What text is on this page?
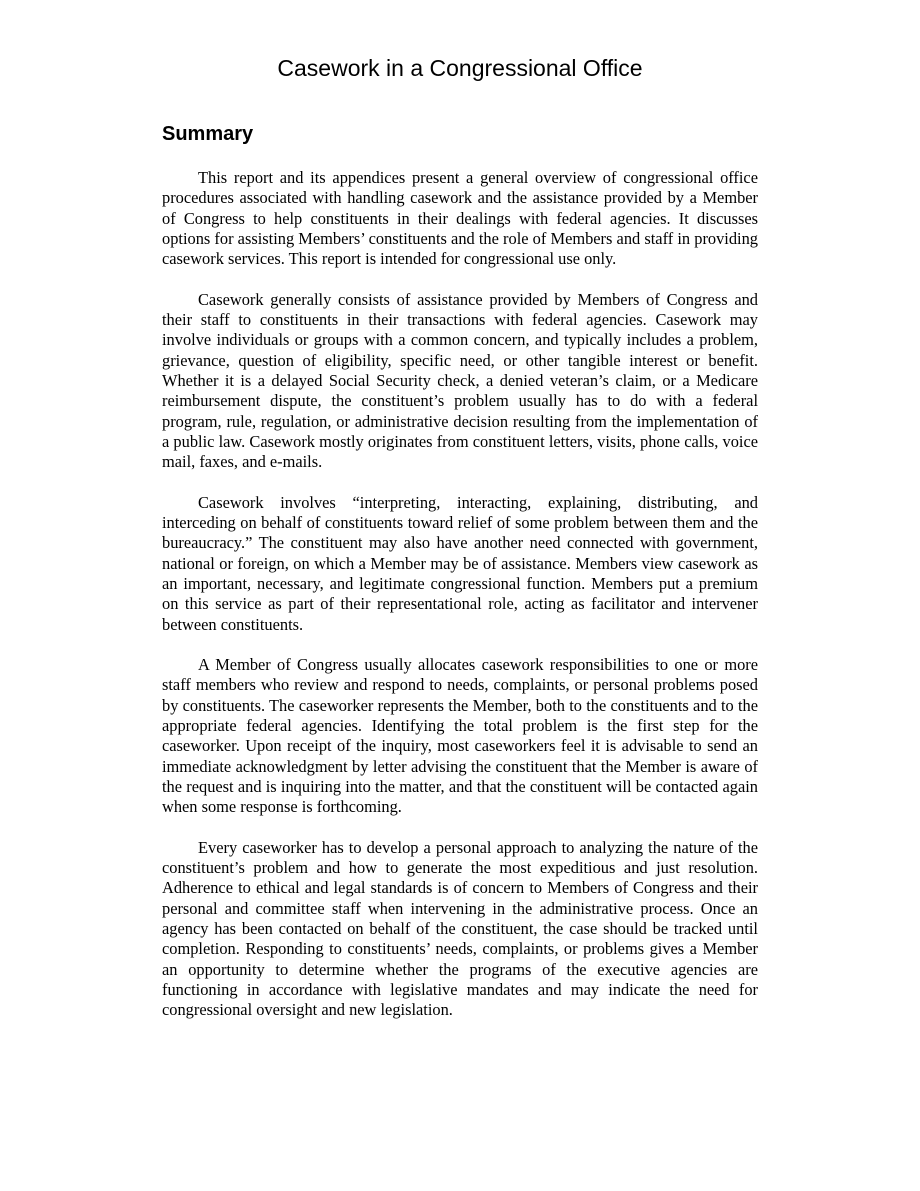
Casework in a Congressional Office
Summary

This report and its appendices present a general overview of congressional office procedures associated with handling casework and the assistance provided by a Member of Congress to help constituents in their dealings with federal agencies. It discusses options for assisting Members’ constituents and the role of Members and staff in providing casework services. This report is intended for congressional use only.

Casework generally consists of assistance provided by Members of Congress and their staff to constituents in their transactions with federal agencies. Casework may involve individuals or groups with a common concern, and typically includes a problem, grievance, question of eligibility, specific need, or other tangible interest or benefit. Whether it is a delayed Social Security check, a denied veteran’s claim, or a Medicare reimbursement dispute, the constituent’s problem usually has to do with a federal program, rule, regulation, or administrative decision resulting from the implementation of a public law. Casework mostly originates from constituent letters, visits, phone calls, voice mail, faxes, and e-mails.

Casework involves “interpreting, interacting, explaining, distributing, and interceding on behalf of constituents toward relief of some problem between them and the bureaucracy.” The constituent may also have another need connected with government, national or foreign, on which a Member may be of assistance. Members view casework as an important, necessary, and legitimate congressional function. Members put a premium on this service as part of their representational role, acting as facilitator and intervener between constituents.

A Member of Congress usually allocates casework responsibilities to one or more staff members who review and respond to needs, complaints, or personal problems posed by constituents. The caseworker represents the Member, both to the constituents and to the appropriate federal agencies. Identifying the total problem is the first step for the caseworker. Upon receipt of the inquiry, most caseworkers feel it is advisable to send an immediate acknowledgment by letter advising the constituent that the Member is aware of the request and is inquiring into the matter, and that the constituent will be contacted again when some response is forthcoming.

Every caseworker has to develop a personal approach to analyzing the nature of the constituent’s problem and how to generate the most expeditious and just resolution. Adherence to ethical and legal standards is of concern to Members of Congress and their personal and committee staff when intervening in the administrative process. Once an agency has been contacted on behalf of the constituent, the case should be tracked until completion. Responding to constituents’ needs, complaints, or problems gives a Member an opportunity to determine whether the programs of the executive agencies are functioning in accordance with legislative mandates and may indicate the need for congressional oversight and new legislation.
